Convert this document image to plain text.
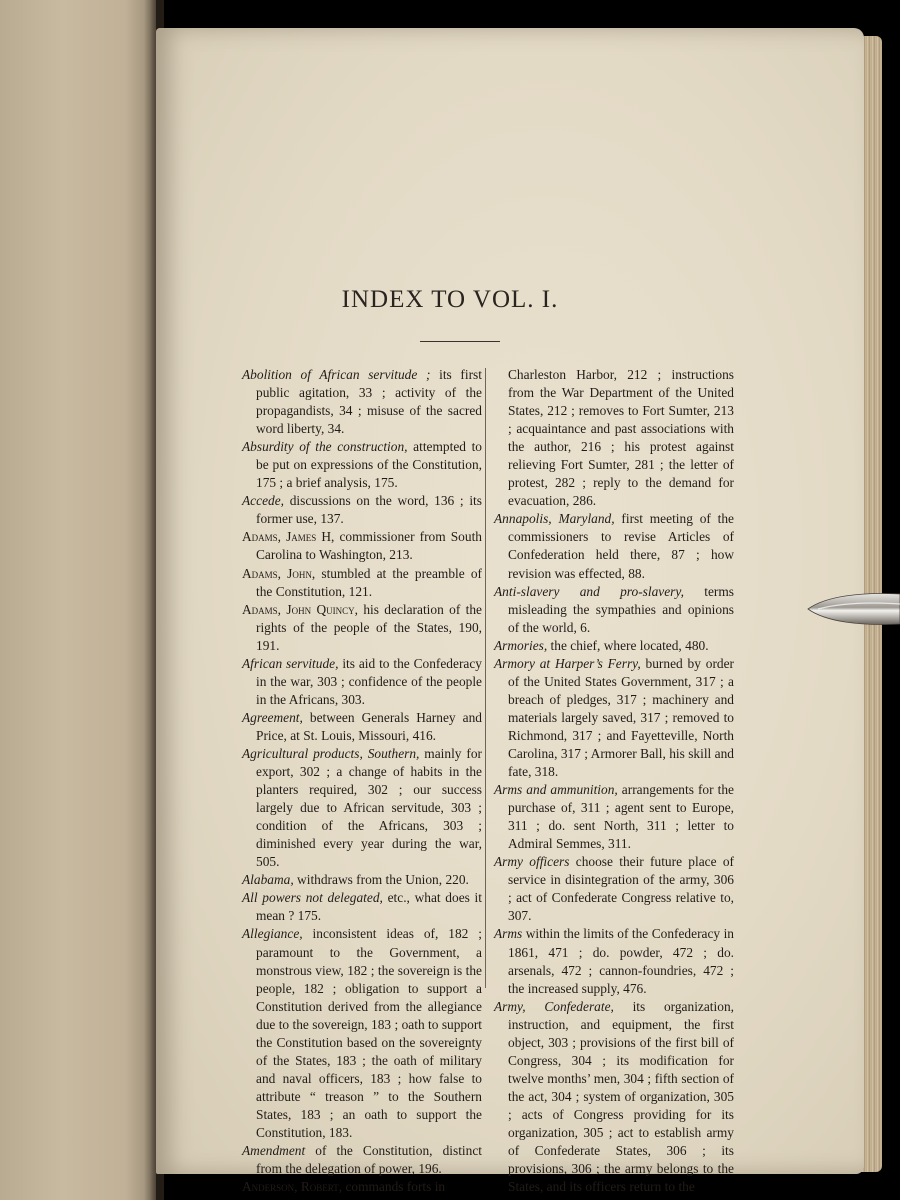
INDEX TO VOL. I.

Abolition of African servitude ; its first public agitation, 33 ; activity of the propagandists, 34 ; misuse of the sacred word liberty, 34.

Absurdity of the construction, attempted to be put on expressions of the Constitution, 175 ; a brief analysis, 175.

Accede, discussions on the word, 136 ; its former use, 137.

Adams, James H, commissioner from South Carolina to Washington, 213.

Adams, John, stumbled at the preamble of the Constitution, 121.

Adams, John Quincy, his declaration of the rights of the people of the States, 190, 191.

African servitude, its aid to the Confederacy in the war, 303 ; confidence of the people in the Africans, 303.

Agreement, between Generals Harney and Price, at St. Louis, Missouri, 416.

Agricultural products, Southern, mainly for export, 302 ; a change of habits in the planters required, 302 ; our success largely due to African servitude, 303 ; condition of the Africans, 303 ; diminished every year during the war, 505.

Alabama, withdraws from the Union, 220.

All powers not delegated, etc., what does it mean ? 175.

Allegiance, inconsistent ideas of, 182 ; paramount to the Government, a monstrous view, 182 ; the sovereign is the people, 182 ; obligation to support a Constitution derived from the allegiance due to the sovereign, 183 ; oath to support the Constitution based on the sovereignty of the States, 183 ; the oath of military and naval officers, 183 ; how false to attribute “ treason ” to the Southern States, 183 ; an oath to support the Constitution, 183.

Amendment of the Constitution, distinct from the delegation of power, 196.

Anderson, Robert, commands forts in

Charleston Harbor, 212 ; instructions from the War Department of the United States, 212 ; removes to Fort Sumter, 213 ; acquaintance and past associations with the author, 216 ; his protest against relieving Fort Sumter, 281 ; the letter of protest, 282 ; reply to the demand for evacuation, 286.

Annapolis, Maryland, first meeting of the commissioners to revise Articles of Confederation held there, 87 ; how revision was effected, 88.

Anti-slavery and pro-slavery, terms misleading the sympathies and opinions of the world, 6.

Armories, the chief, where located, 480.

Armory at Harper’s Ferry, burned by order of the United States Government, 317 ; a breach of pledges, 317 ; machinery and materials largely saved, 317 ; removed to Richmond, 317 ; and Fayetteville, North Carolina, 317 ; Armorer Ball, his skill and fate, 318.

Arms and ammunition, arrangements for the purchase of, 311 ; agent sent to Europe, 311 ; do. sent North, 311 ; letter to Admiral Semmes, 311.

Army officers choose their future place of service in disintegration of the army, 306 ; act of Confederate Congress relative to, 307.

Arms within the limits of the Confederacy in 1861, 471 ; do. powder, 472 ; do. arsenals, 472 ; cannon-foundries, 472 ; the increased supply, 476.

Army, Confederate, its organization, instruction, and equipment, the first object, 303 ; provisions of the first bill of Congress, 304 ; its modification for twelve months’ men, 304 ; fifth section of the act, 304 ; system of organization, 305 ; acts of Congress providing for its organization, 305 ; act to establish army of Confederate States, 306 ; its provisions, 306 ; the army belongs to the States, and its officers return to the
